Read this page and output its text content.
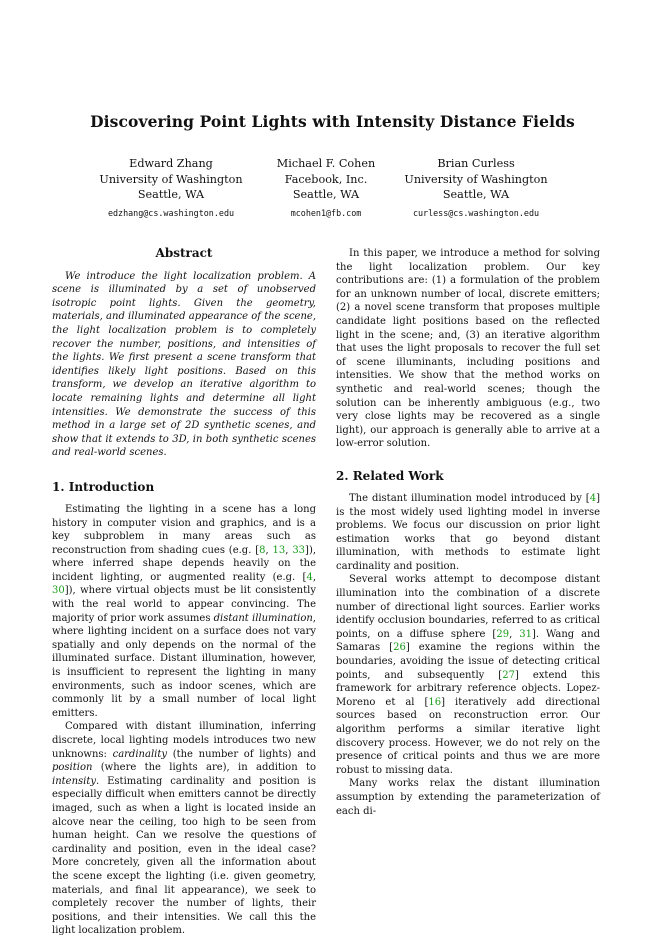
Discovering Point Lights with Intensity Distance Fields
Edward Zhang
University of Washington
Seattle, WA
edzhang@cs.washington.edu
Michael F. Cohen
Facebook, Inc.
Seattle, WA
mcohen1@fb.com
Brian Curless
University of Washington
Seattle, WA
curless@cs.washington.edu
Abstract

We introduce the light localization problem. A scene is illuminated by a set of unobserved isotropic point lights. Given the geometry, materials, and illuminated appearance of the scene, the light localization problem is to completely recover the number, positions, and intensities of the lights. We first present a scene transform that identifies likely light positions. Based on this transform, we develop an iterative algorithm to locate remaining lights and determine all light intensities. We demonstrate the success of this method in a large set of 2D synthetic scenes, and show that it extends to 3D, in both synthetic scenes and real-world scenes.

1. Introduction

Estimating the lighting in a scene has a long history in computer vision and graphics, and is a key subproblem in many areas such as reconstruction from shading cues (e.g. [8, 13, 33]), where inferred shape depends heavily on the incident lighting, or augmented reality (e.g. [4, 30]), where virtual objects must be lit consistently with the real world to appear convincing. The majority of prior work assumes distant illumination, where lighting incident on a surface does not vary spatially and only depends on the normal of the illuminated surface. Distant illumination, however, is insufficient to represent the lighting in many environments, such as indoor scenes, which are commonly lit by a small number of local light emitters.

Compared with distant illumination, inferring discrete, local lighting models introduces two new unknowns: cardinality (the number of lights) and position (where the lights are), in addition to intensity. Estimating cardinality and position is especially difficult when emitters cannot be directly imaged, such as when a light is located inside an alcove near the ceiling, too high to be seen from human height. Can we resolve the questions of cardinality and position, even in the ideal case? More concretely, given all the information about the scene except the lighting (i.e. given geometry, materials, and final lit appearance), we seek to completely recover the number of lights, their positions, and their intensities. We call this the light localization problem.

In this paper, we introduce a method for solving the light localization problem. Our key contributions are: (1) a formulation of the problem for an unknown number of local, discrete emitters; (2) a novel scene transform that proposes multiple candidate light positions based on the reflected light in the scene; and, (3) an iterative algorithm that uses the light proposals to recover the full set of scene illuminants, including positions and intensities. We show that the method works on synthetic and real-world scenes; though the solution can be inherently ambiguous (e.g., two very close lights may be recovered as a single light), our approach is generally able to arrive at a low-error solution.

2. Related Work

The distant illumination model introduced by [4] is the most widely used lighting model in inverse problems. We focus our discussion on prior light estimation works that go beyond distant illumination, with methods to estimate light cardinality and position.

Several works attempt to decompose distant illumination into the combination of a discrete number of directional light sources. Earlier works identify occlusion boundaries, referred to as critical points, on a diffuse sphere [29, 31]. Wang and Samaras [26] examine the regions within the boundaries, avoiding the issue of detecting critical points, and subsequently [27] extend this framework for arbitrary reference objects. Lopez-Moreno et al [16] iteratively add directional sources based on reconstruction error. Our algorithm performs a similar iterative light discovery process. However, we do not rely on the presence of critical points and thus we are more robust to missing data.

Many works relax the distant illumination assumption by extending the parameterization of each di-
